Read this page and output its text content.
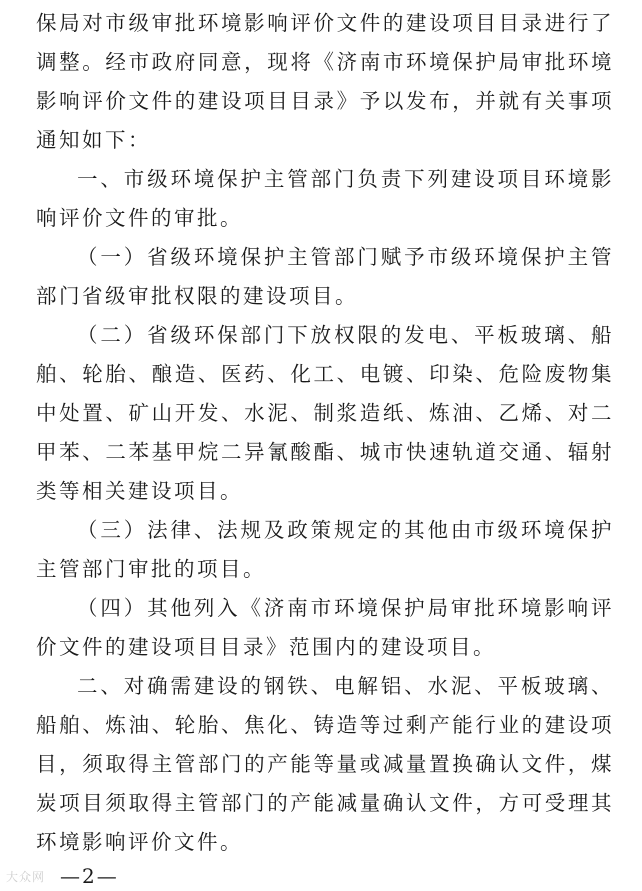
保局对市级审批环境影响评价文件的建设项目目录进行了调整。经市政府同意，现将《济南市环境保护局审批环境影响评价文件的建设项目目录》予以发布，并就有关事项通知如下：

一、市级环境保护主管部门负责下列建设项目环境影响评价文件的审批。

（一）省级环境保护主管部门赋予市级环境保护主管部门省级审批权限的建设项目。

（二）省级环保部门下放权限的发电、平板玻璃、船舶、轮胎、酿造、医药、化工、电镀、印染、危险废物集中处置、矿山开发、水泥、制浆造纸、炼油、乙烯、对二甲苯、二苯基甲烷二异氰酸酯、城市快速轨道交通、辐射类等相关建设项目。

（三）法律、法规及政策规定的其他由市级环境保护主管部门审批的项目。

（四）其他列入《济南市环境保护局审批环境影响评价文件的建设项目目录》范围内的建设项目。

二、对确需建设的钢铁、电解铝、水泥、平板玻璃、船舶、炼油、轮胎、焦化、铸造等过剩产能行业的建设项目，须取得主管部门的产能等量或减量置换确认文件，煤炭项目须取得主管部门的产能减量确认文件，方可受理其环境影响评价文件。

大众网 —2—
